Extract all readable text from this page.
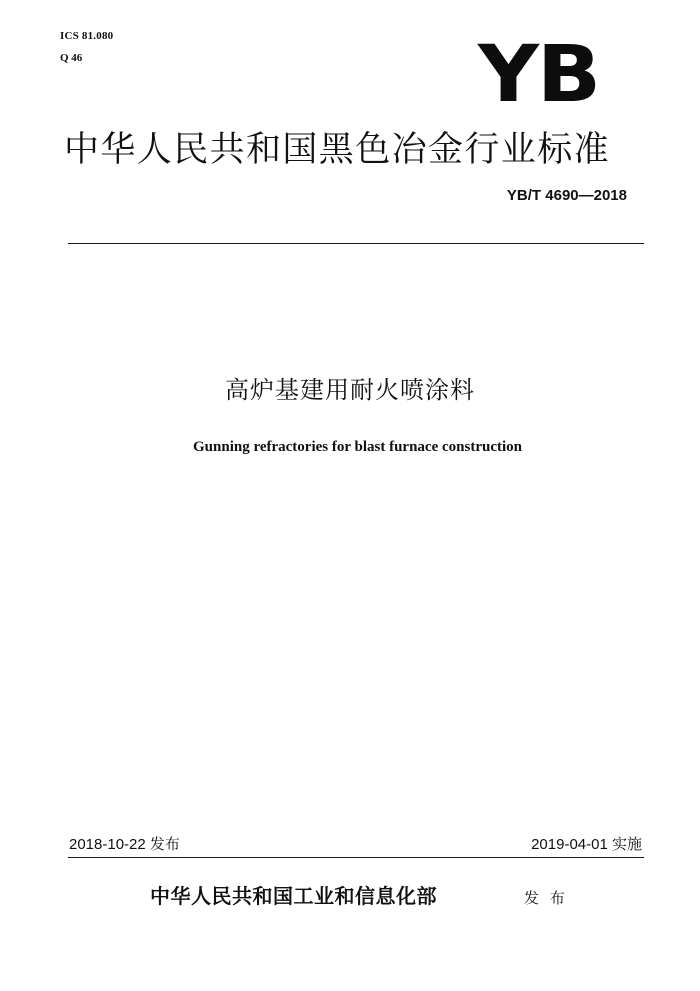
ICS 81.080
Q 46	YB
中华人民共和国黑色冶金行业标准
YB/T 4690—2018
高炉基建用耐火喷涂料
Gunning refractories for blast furnace construction
2018-10-22 发布	2019-04-01 实施
中华人民共和国工业和信息化部	发 布
